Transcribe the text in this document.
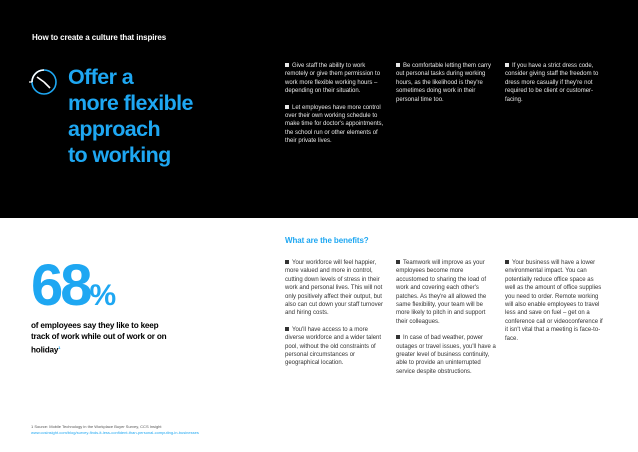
How to create a culture that inspires
Offer a
more flexible
approach
to working

Give staff the ability to work remotely or give them permission to work more flexible working hours – depending on their situation.

Let employees have more control over their own working schedule to make time for doctor's appointments, the school run or other elements of their private lives.

Be comfortable letting them carry out personal tasks during working hours, as the likelihood is they're sometimes doing work in their personal time too.

If you have a strict dress code, consider giving staff the freedom to dress more casually if they're not required to be client or customer-facing.

What are the benefits?

Your workforce will feel happier, more valued and more in control, cutting down levels of stress in their work and personal lives. This will not only positively affect their output, but also can cut down your staff turnover and hiring costs.

You'll have access to a more diverse workforce and a wider talent pool, without the old constraints of personal circumstances or geographical location.

Teamwork will improve as your employees become more accustomed to sharing the load of work and covering each other's patches. As they're all allowed the same flexibility, your team will be more likely to pitch in and support their colleagues.

In case of bad weather, power outages or travel issues, you'll have a greater level of business continuity, able to provide an uninterrupted service despite obstructions.

Your business will have a lower environmental impact. You can potentially reduce office space as well as the amount of office supplies you need to order. Remote working will also enable employees to travel less and save on fuel – get on a conference call or videoconference if it isn't vital that a meeting is face-to-face.

68%
of employees say they like to keep track of work while out of work or on holiday$^1$
1 Source: Mobile Technology in the Workplace Buyer Survey, CCS Insight
www.ccsinsight.com/blog/survey-finds-it-less-confident-than-personal-computing-in-businesses
